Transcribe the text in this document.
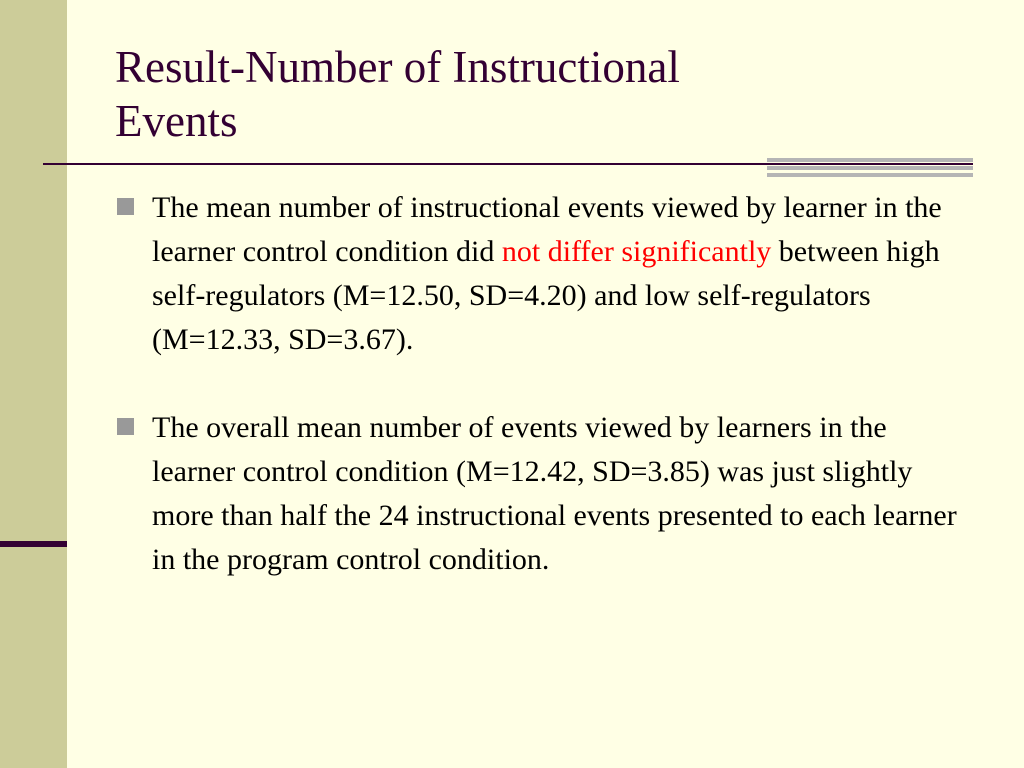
Result-Number of Instructional
Events
The mean number of instructional events viewed by learner in the learner control condition did not differ significantly between high self-regulators (M=12.50, SD=4.20) and low self-regulators (M=12.33, SD=3.67).
The overall mean number of events viewed by learners in the learner control condition (M=12.42, SD=3.85) was just slightly more than half the 24 instructional events presented to each learner in the program control condition.
